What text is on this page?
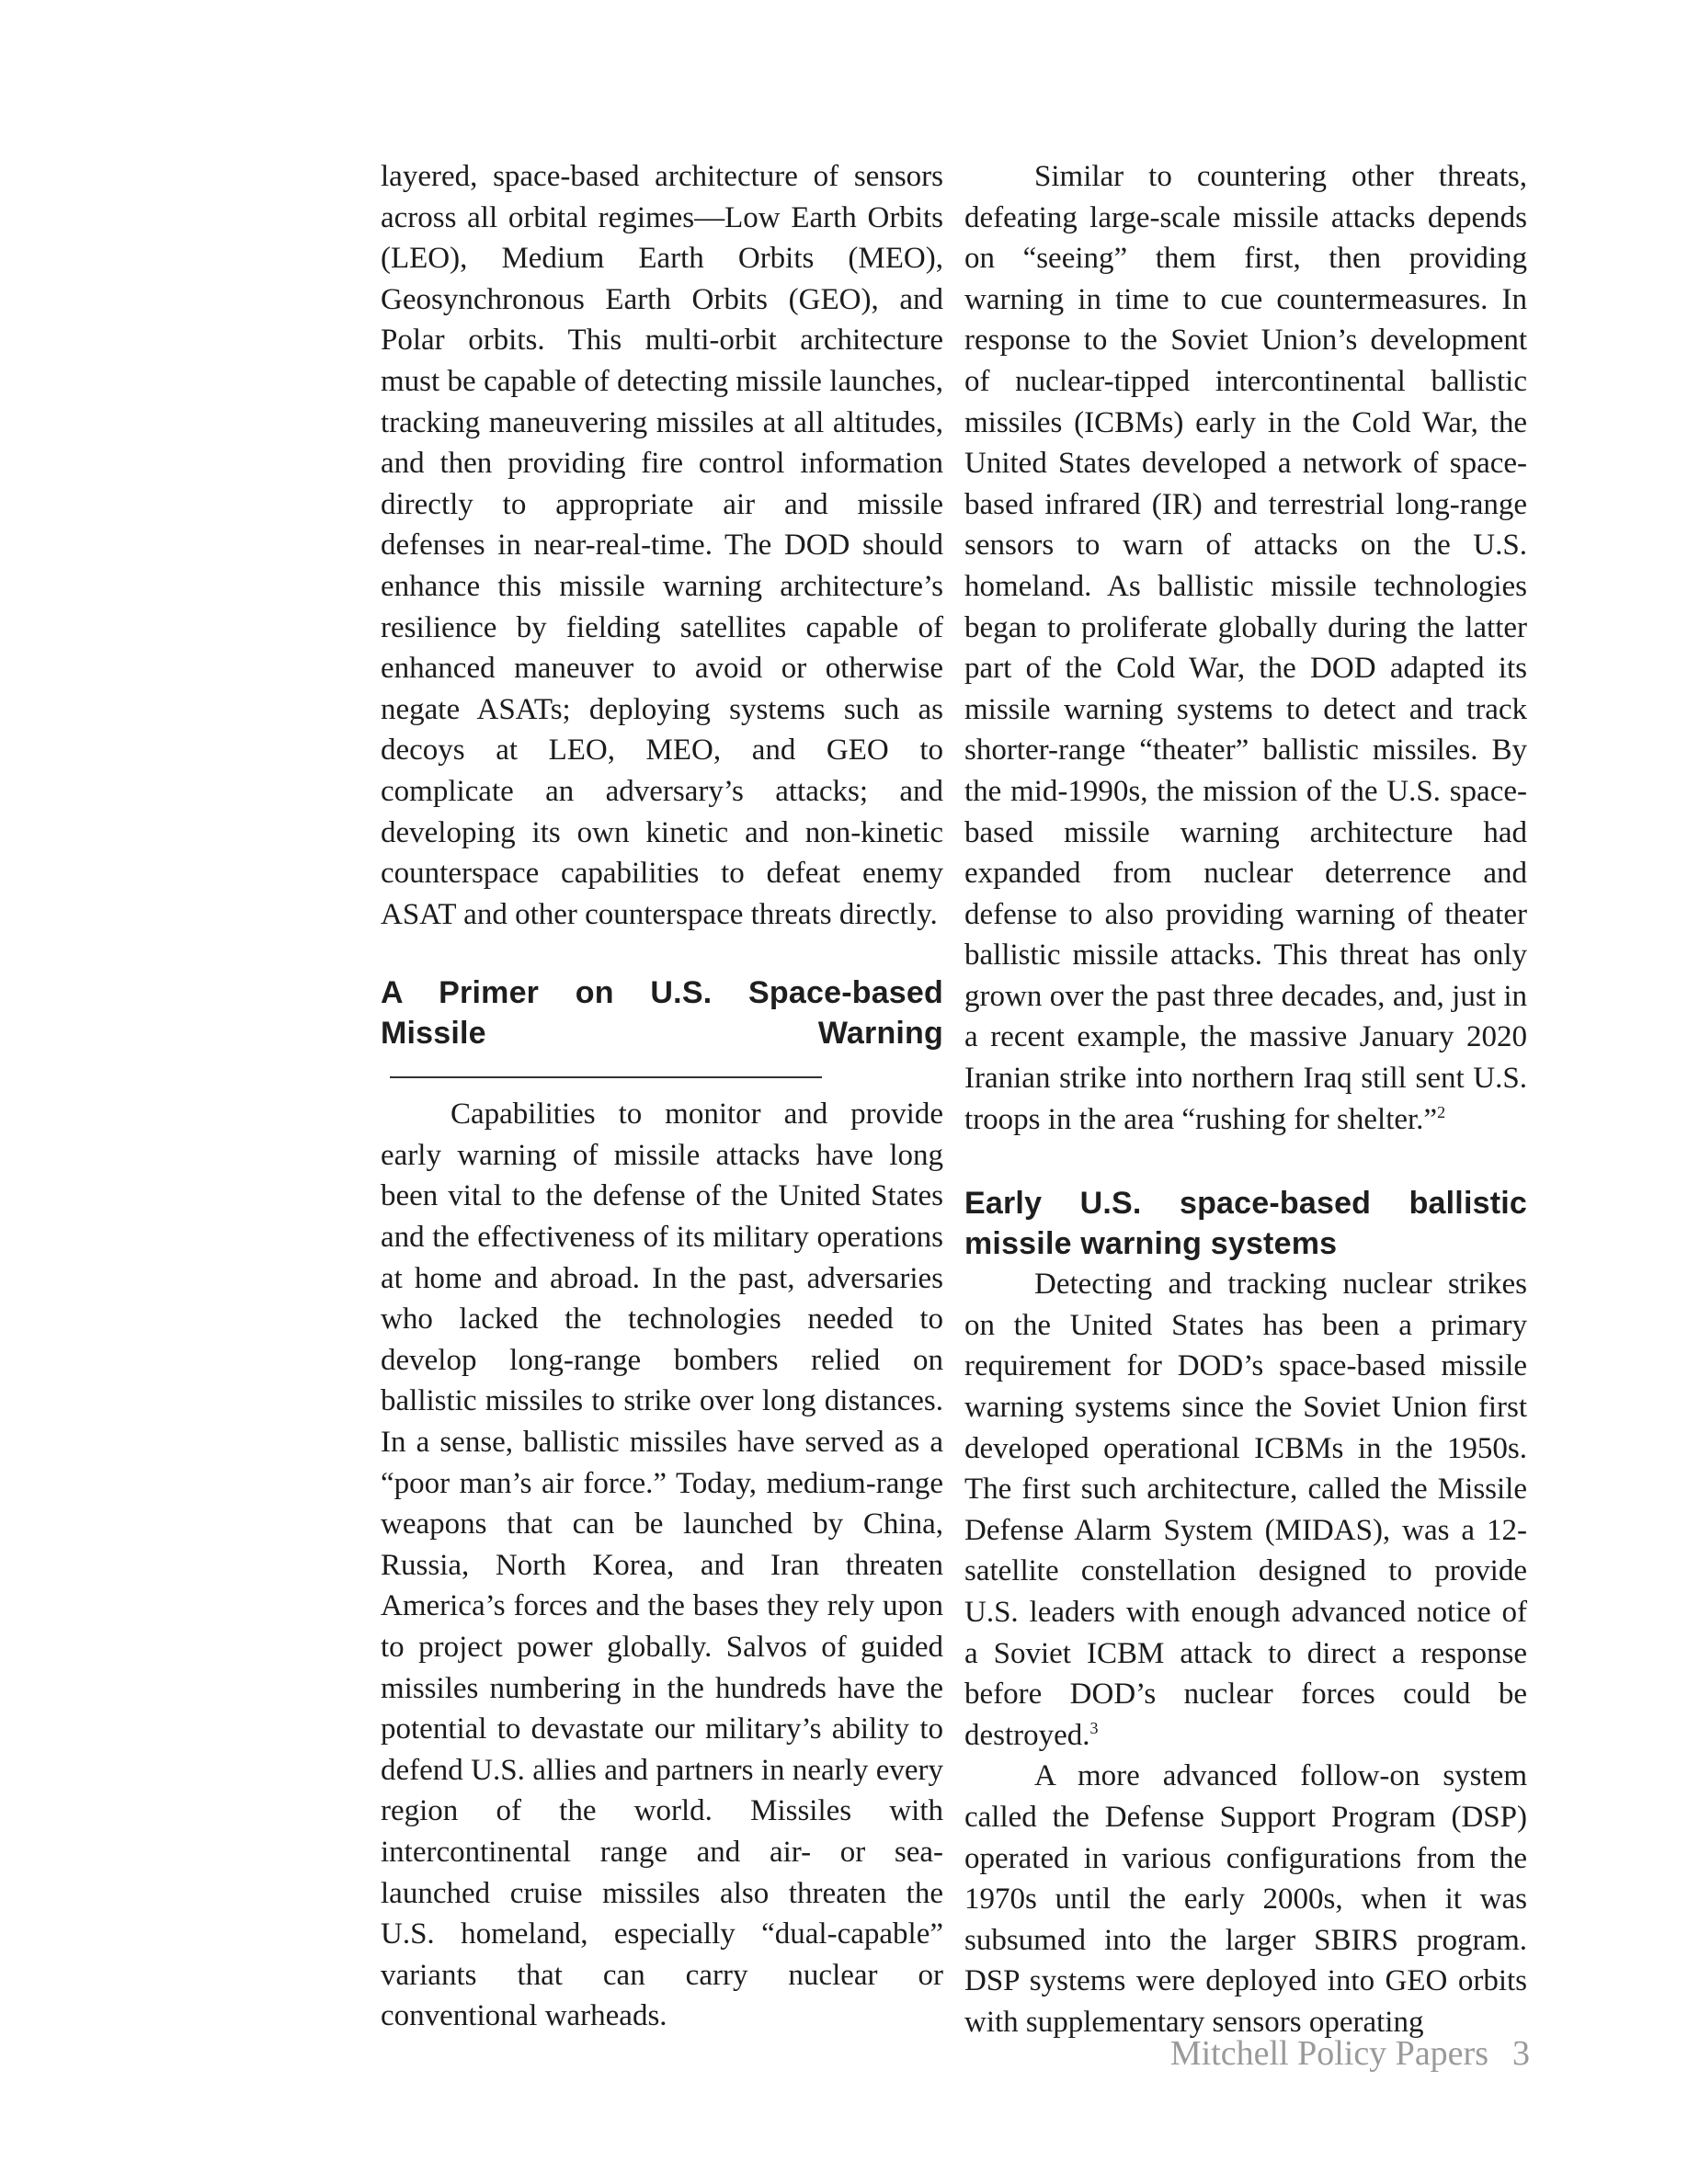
layered, space-based architecture of sensors across all orbital regimes—Low Earth Orbits (LEO), Medium Earth Orbits (MEO), Geosynchronous Earth Orbits (GEO), and Polar orbits. This multi-orbit architecture must be capable of detecting missile launches, tracking maneuvering missiles at all altitudes, and then providing fire control information directly to appropriate air and missile defenses in near-real-time. The DOD should enhance this missile warning architecture’s resilience by fielding satellites capable of enhanced maneuver to avoid or otherwise negate ASATs; deploying systems such as decoys at LEO, MEO, and GEO to complicate an adversary’s attacks; and developing its own kinetic and non-kinetic counterspace capabilities to defeat enemy ASAT and other counterspace threats directly.

A Primer on U.S. Space-based Missile Warning

Capabilities to monitor and provide early warning of missile attacks have long been vital to the defense of the United States and the effectiveness of its military operations at home and abroad. In the past, adversaries who lacked the technologies needed to develop long-range bombers relied on ballistic missiles to strike over long distances. In a sense, ballistic missiles have served as a “poor man’s air force.” Today, medium-range weapons that can be launched by China, Russia, North Korea, and Iran threaten America’s forces and the bases they rely upon to project power globally. Salvos of guided missiles numbering in the hundreds have the potential to devastate our military’s ability to defend U.S. allies and partners in nearly every region of the world. Missiles with intercontinental range and air- or sea-launched cruise missiles also threaten the U.S. homeland, especially “dual-capable” variants that can carry nuclear or conventional warheads.

Similar to countering other threats, defeating large-scale missile attacks depends on “seeing” them first, then providing warning in time to cue countermeasures. In response to the Soviet Union’s development of nuclear-tipped intercontinental ballistic missiles (ICBMs) early in the Cold War, the United States developed a network of space-based infrared (IR) and terrestrial long-range sensors to warn of attacks on the U.S. homeland. As ballistic missile technologies began to proliferate globally during the latter part of the Cold War, the DOD adapted its missile warning systems to detect and track shorter-range “theater” ballistic missiles. By the mid-1990s, the mission of the U.S. space-based missile warning architecture had expanded from nuclear deterrence and defense to also providing warning of theater ballistic missile attacks. This threat has only grown over the past three decades, and, just in a recent example, the massive January 2020 Iranian strike into northern Iraq still sent U.S. troops in the area “rushing for shelter.”$^2$

Early U.S. space-based ballistic missile warning systems

Detecting and tracking nuclear strikes on the United States has been a primary requirement for DOD’s space-based missile warning systems since the Soviet Union first developed operational ICBMs in the 1950s. The first such architecture, called the Missile Defense Alarm System (MIDAS), was a 12-satellite constellation designed to provide U.S. leaders with enough advanced notice of a Soviet ICBM attack to direct a response before DOD’s nuclear forces could be destroyed.$^3$

A more advanced follow-on system called the Defense Support Program (DSP) operated in various configurations from the 1970s until the early 2000s, when it was subsumed into the larger SBIRS program. DSP systems were deployed into GEO orbits with supplementary sensors operating

Mitchell Policy Papers 3
